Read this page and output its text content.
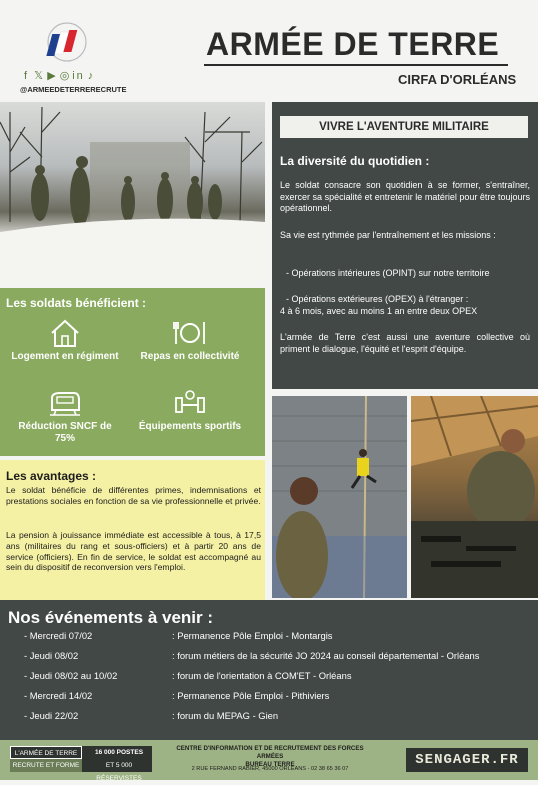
f 𝕏 ▶ ◎in ♪
@ARMEEDETERRERECRUTE
ARMÉE DE TERRE
CIRFA D'ORLÉANS
Les soldats bénéficient :
Logement en régiment	Repas en collectivité
Réduction SNCF de 75%
Équipements sportifs
Les avantages :

Le soldat bénéficie de différentes primes, indemnisations et prestations sociales en fonction de sa vie professionnelle et privée.

La pension à jouissance immédiate est accessible à tous, à 17,5 ans (militaires du rang et sous-officiers) et à partir 20 ans de service (officiers). En fin de service, le soldat est accompagné au sein du dispositif de reconversion vers l'emploi.

VIVRE L'AVENTURE MILITAIRE
La diversité du quotidien :

Le soldat consacre son quotidien à se former, s'entraîner, exercer sa spécialité et entretenir le matériel pour être toujours opérationnel.

Sa vie est rythmée par l'entraînement et les missions :

- Opérations intérieures (OPINT) sur notre territoire

- Opérations extérieures (OPEX) à l'étranger :

4 à 6 mois, avec au moins 1 an entre deux OPEX

L'armée de Terre c'est aussi une aventure collective où priment le dialogue, l'équité et l'esprit d'équipe.

Nos événements à venir :
- Mercredi 07/02	: Permanence Pôle Emploi - Montargis
- Jeudi 08/02	: forum métiers de la sécurité JO 2024 au conseil départemental - Orléans
- Jeudi 08/02 au 10/02	: forum de l'orientation à COM'ET - Orléans
- Mercredi 14/02	: Permanence Pôle Emploi - Pithiviers
- Jeudi 22/02	: forum du MEPAG - Gien
L'ARMÉE DE TERRE
RECRUTE ET FORME
16 000 POSTES
ET 5 000 RÉSERVISTES
CENTRE D'INFORMATION ET DE RECRUTEMENT DES FORCES ARMÉES
BUREAU TERRE
2 RUE FERNAND RABIER, 45000 ORLÉANS - 02 38 65 36 07
SENGAGER.FR
